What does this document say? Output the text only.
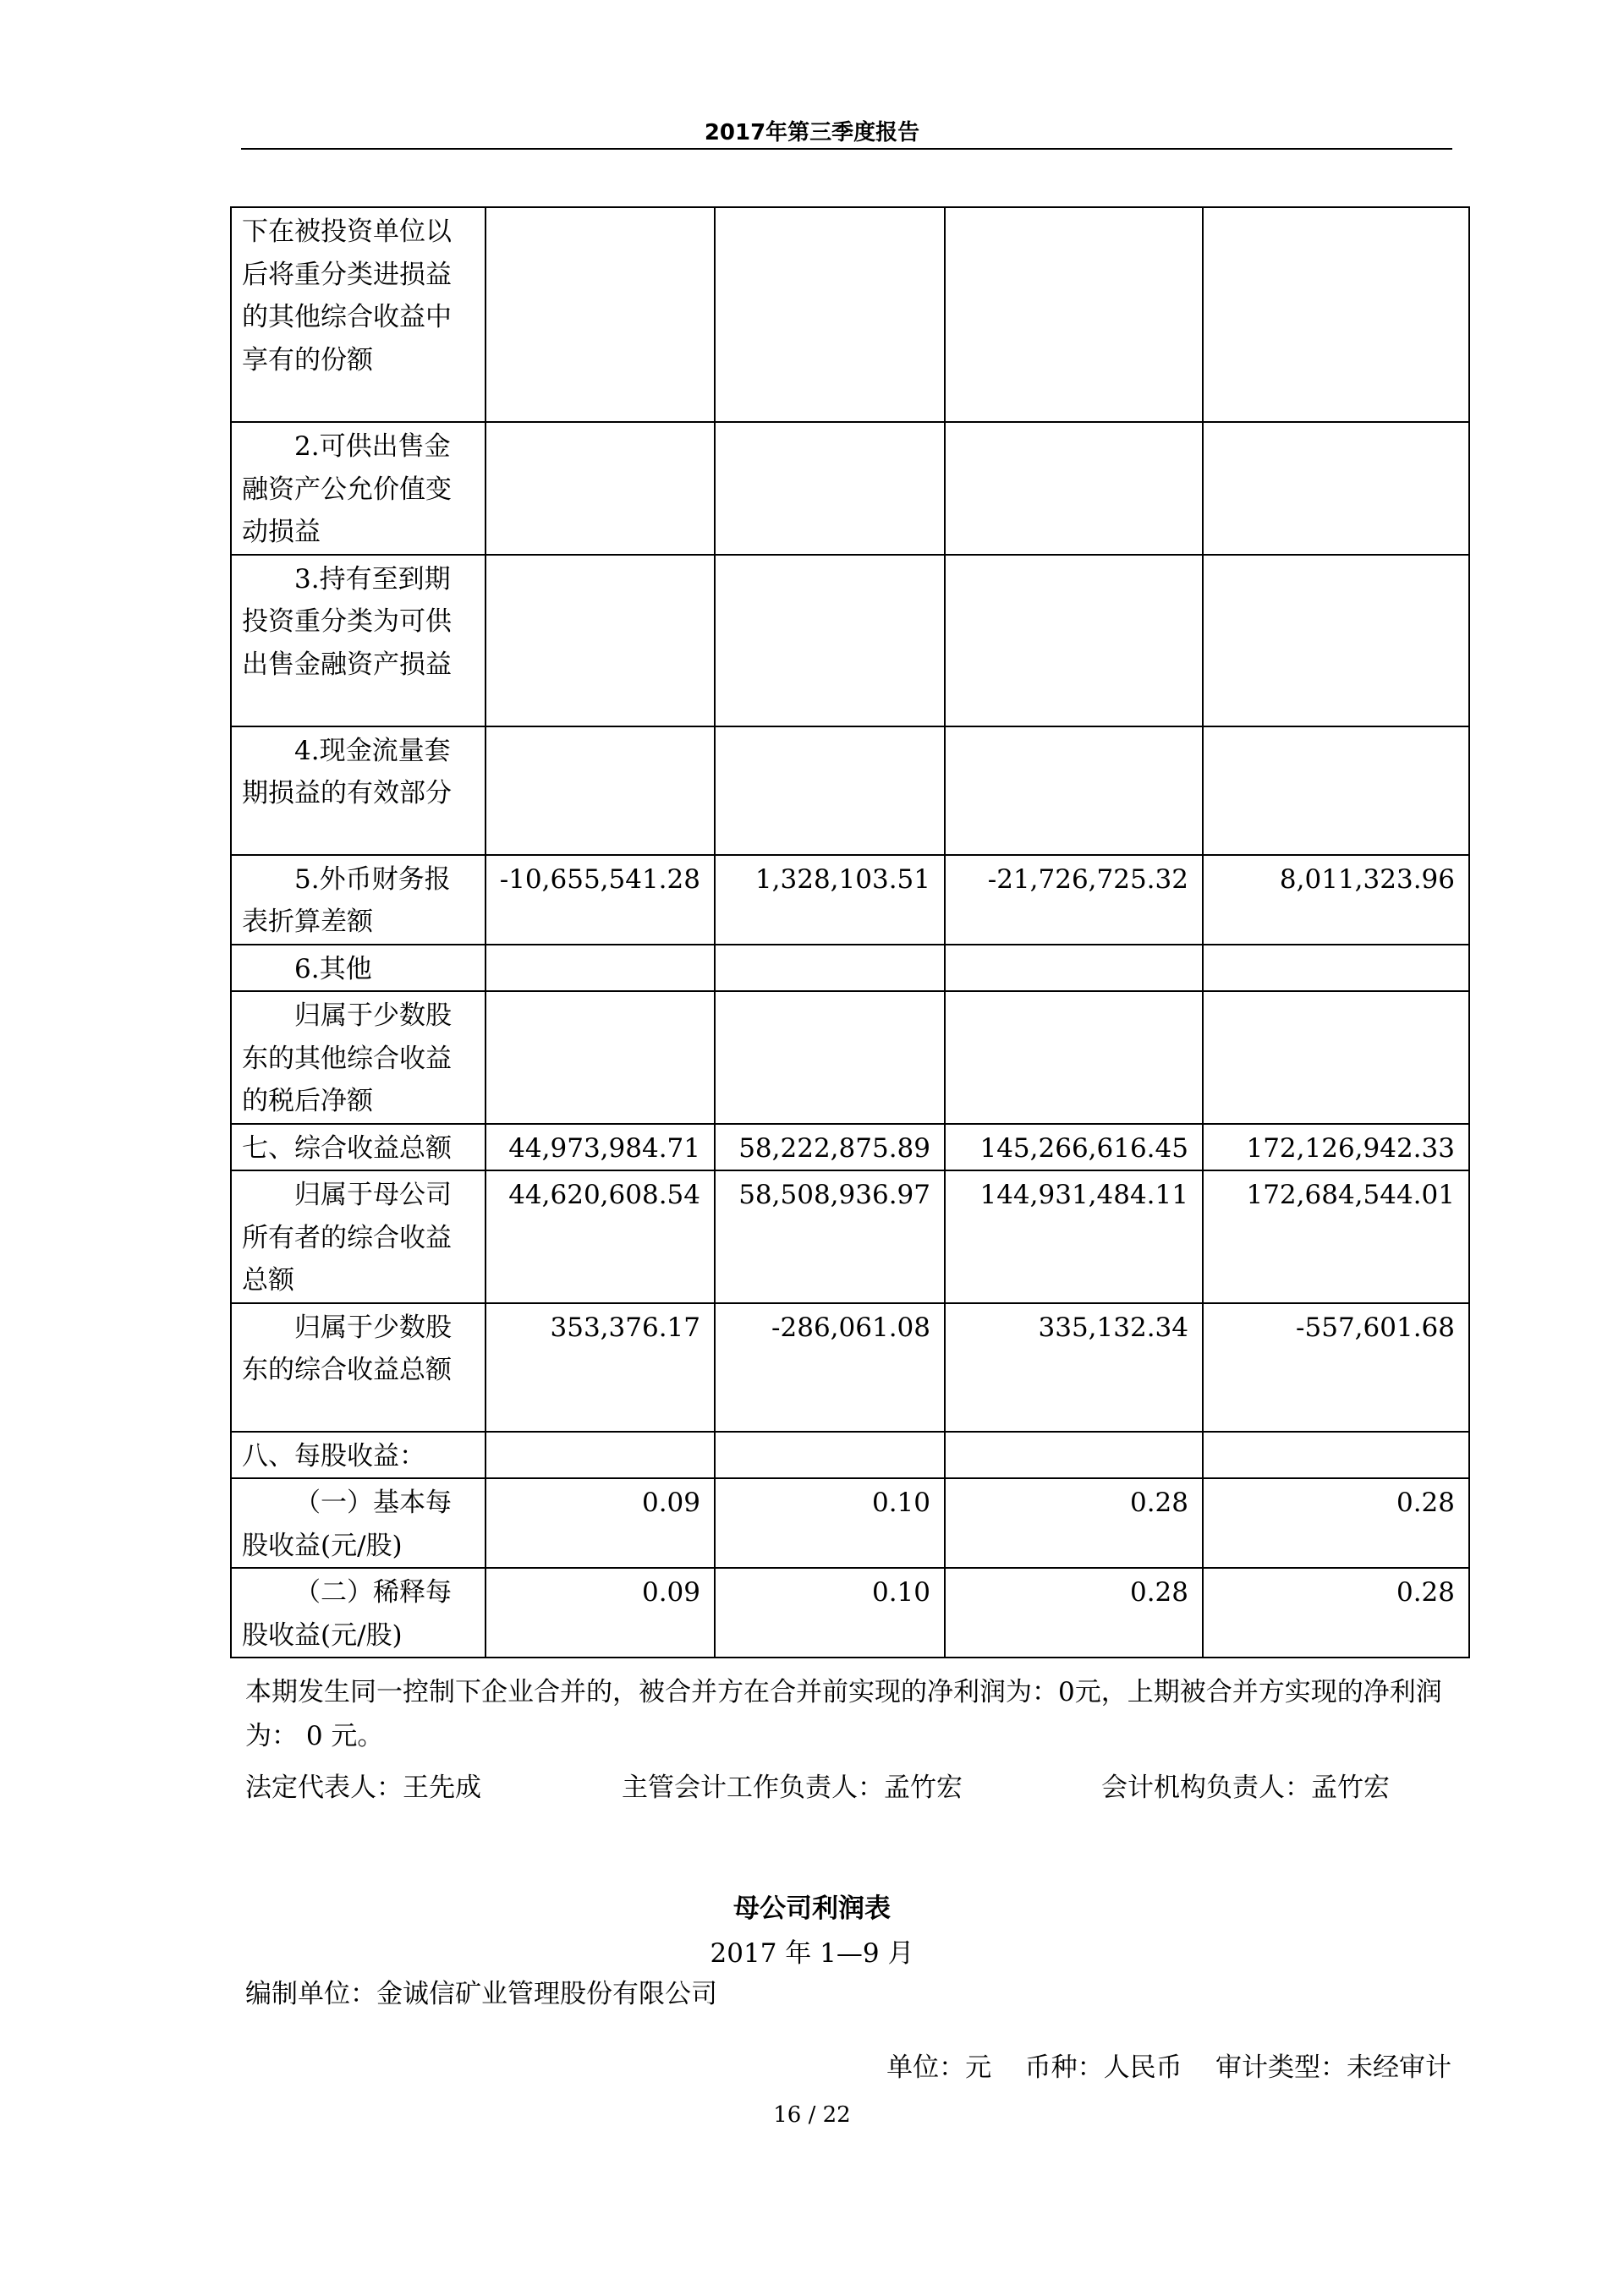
2017年第三季度报告
下在被投资单位以后将重分类进损益的其他综合收益中享有的份额				
2.可供出售金融资产公允价值变动损益				
3.持有至到期投资重分类为可供出售金融资产损益				
4.现金流量套期损益的有效部分				
5.外币财务报表折算差额	-10,655,541.28	1,328,103.51	-21,726,725.32	8,011,323.96
6.其他				
归属于少数股东的其他综合收益的税后净额				
七、综合收益总额	44,973,984.71	58,222,875.89	145,266,616.45	172,126,942.33
归属于母公司所有者的综合收益总额	44,620,608.54	58,508,936.97	144,931,484.11	172,684,544.01
归属于少数股东的综合收益总额	353,376.17	-286,061.08	335,132.34	-557,601.68
八、每股收益：				
（一）基本每股收益(元/股)	0.09	0.10	0.28	0.28
（二）稀释每股收益(元/股)	0.09	0.10	0.28	0.28
本期发生同一控制下企业合并的，被合并方在合并前实现的净利润为：0元，上期被合并方实现的净利润为： 0 元。
法定代表人：王先成	主管会计工作负责人：孟竹宏	会计机构负责人：孟竹宏
母公司利润表
2017 年 1—9 月
编制单位：金诚信矿业管理股份有限公司
单位：元    币种：人民币    审计类型：未经审计
16 / 22
